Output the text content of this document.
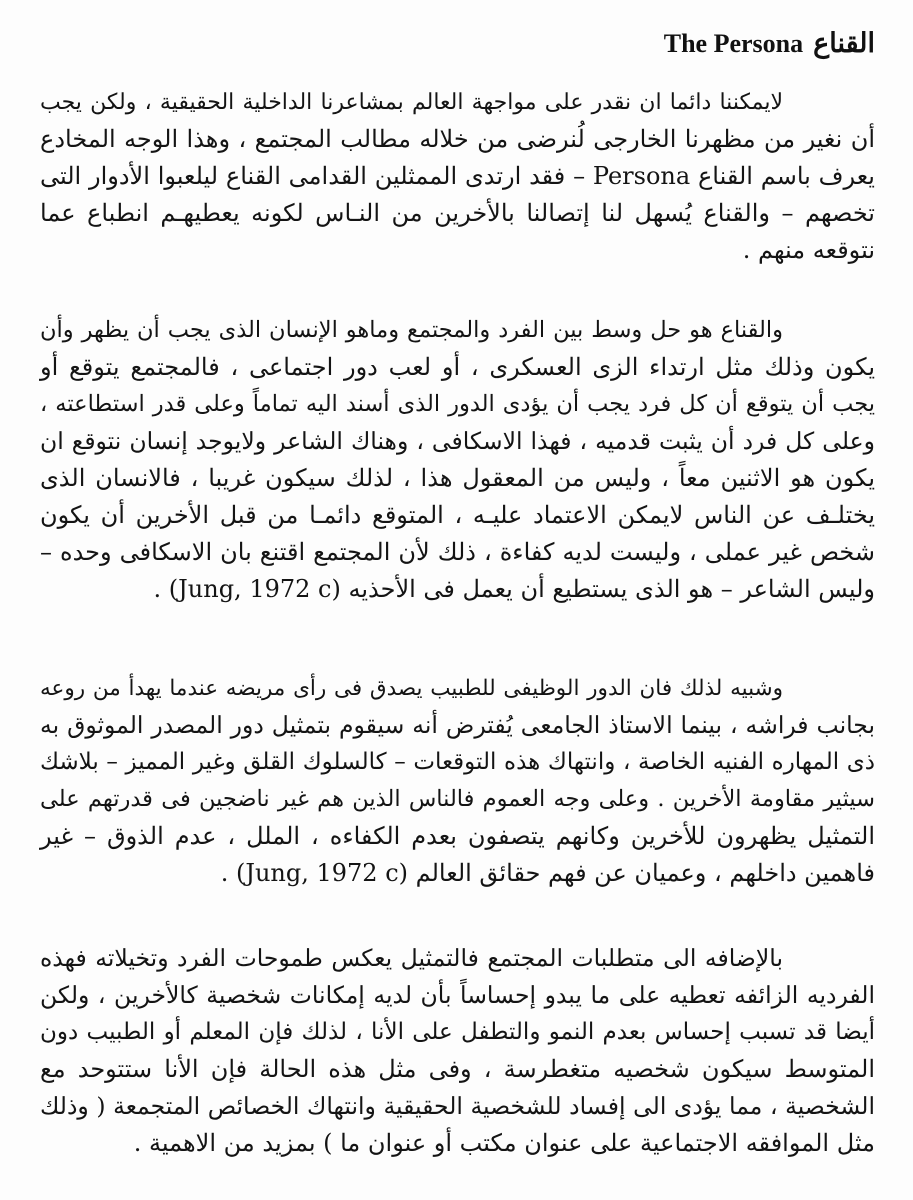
القناعThe Persona
لايمكننا دائما ان نقدر على مواجهة العالم بمشاعرنا الداخلية الحقيقية ، ولكن يجب
أن نغير من مظهرنا الخارجى لُنرضى من خلاله مطالب المجتمع ، وهذا الوجه المخادع
يعرف باسم القناع Persona – فقد ارتدى الممثلين القدامى القناع ليلعبوا الأدوار التى
تخصهم – والقناع يُسهل لنا إتصالنا بالأخرين من النـاس لكونه يعطيهـم انطباع عما
نتوقعه منهم .
والقناع هو حل وسط بين الفرد والمجتمع وماهو الإنسان الذى يجب أن يظهر وأن
يكون وذلك مثل ارتداء الزى العسكرى ، أو لعب دور اجتماعى ، فالمجتمع يتوقع أو
يجب أن يتوقع أن كل فرد يجب أن يؤدى الدور الذى أسند اليه تماماً وعلى قدر استطاعته ،
وعلى كل فرد أن يثبت قدميه ، فهذا الاسكافى ، وهناك الشاعر ولايوجد إنسان نتوقع ان
يكون هو الاثنين معاً ، وليس من المعقول هذا ، لذلك سيكون غريبا ، فالانسان الذى
يختلـف عن الناس لايمكن الاعتماد عليـه ، المتوقع دائمـا من قبل الأخرين أن يكون
شخص غير عملى ، وليست لديه كفاءة ، ذلك لأن المجتمع اقتنع بان الاسكافى وحده –
وليس الشاعر – هو الذى يستطيع أن يعمل فى الأحذيه (Jung, 1972 c) .
وشبيه لذلك فان الدور الوظيفى للطبيب يصدق فى رأى مريضه عندما يهدأ من روعه
بجانب فراشه ، بينما الاستاذ الجامعى يُفترض أنه سيقوم بتمثيل دور المصدر الموثوق به
ذى المهاره الفنيه الخاصة ، وانتهاك هذه التوقعات – كالسلوك القلق وغير المميز – بلاشك
سيثير مقاومة الأخرين . وعلى وجه العموم فالناس الذين هم غير ناضجين فى قدرتهم على
التمثيل يظهرون للأخرين وكانهم يتصفون بعدم الكفاءه ، الملل ، عدم الذوق – غير
فاهمين داخلهم ، وعميان عن فهم حقائق العالم (Jung, 1972 c) .
بالإضافه الى متطلبات المجتمع فالتمثيل يعكس طموحات الفرد وتخيلاته فهذه
الفرديه الزائفه تعطيه على ما يبدو إحساساً بأن لديه إمكانات شخصية كالأخرين ، ولكن
أيضا قد تسبب إحساس بعدم النمو والتطفل على الأنا ، لذلك فإن المعلم أو الطبيب دون
المتوسط سيكون شخصيه متغطرسة ، وفى مثل هذه الحالة فإن الأنا ستتوحد مع
الشخصية ، مما يؤدى الى إفساد للشخصية الحقيقية وانتهاك الخصائص المتجمعة ( وذلك
مثل الموافقه الاجتماعية على عنوان مكتب أو عنوان ما ) بمزيد من الاهمية .
